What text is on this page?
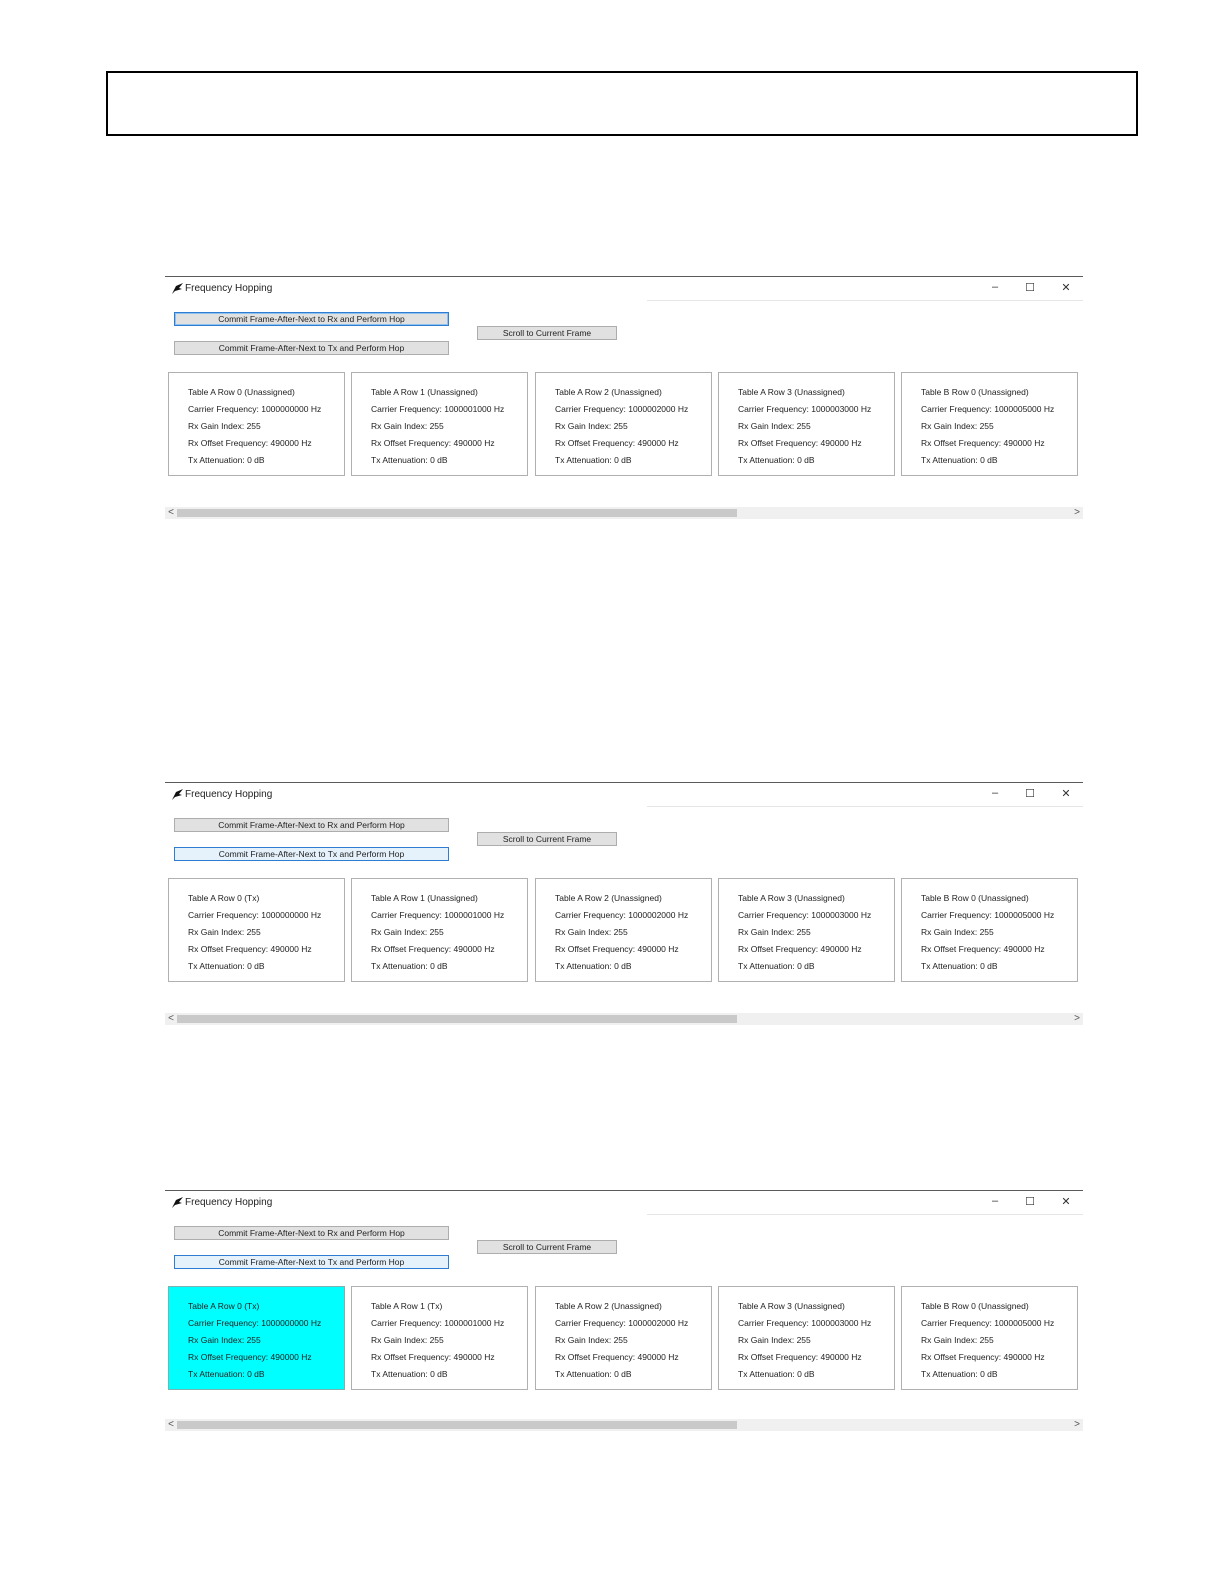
Frequency Hopping	–	☐	✕
Commit Frame-After-Next to Rx and Perform Hop
Commit Frame-After-Next to Tx and Perform Hop
Scroll to Current Frame
Table A Row 0 (Unassigned)
Carrier Frequency: 1000000000 Hz
Rx Gain Index: 255
Rx Offset Frequency: 490000 Hz
Tx Attenuation: 0 dB
Table A Row 1 (Unassigned)
Carrier Frequency: 1000001000 Hz
Rx Gain Index: 255
Rx Offset Frequency: 490000 Hz
Tx Attenuation: 0 dB
Table A Row 2 (Unassigned)
Carrier Frequency: 1000002000 Hz
Rx Gain Index: 255
Rx Offset Frequency: 490000 Hz
Tx Attenuation: 0 dB
Table A Row 3 (Unassigned)
Carrier Frequency: 1000003000 Hz
Rx Gain Index: 255
Rx Offset Frequency: 490000 Hz
Tx Attenuation: 0 dB
Table B Row 0 (Unassigned)
Carrier Frequency: 1000005000 Hz
Rx Gain Index: 255
Rx Offset Frequency: 490000 Hz
Tx Attenuation: 0 dB
<	>
Frequency Hopping	–	☐	✕
Commit Frame-After-Next to Rx and Perform Hop
Commit Frame-After-Next to Tx and Perform Hop
Scroll to Current Frame
Table A Row 0 (Tx)
Carrier Frequency: 1000000000 Hz
Rx Gain Index: 255
Rx Offset Frequency: 490000 Hz
Tx Attenuation: 0 dB
Table A Row 1 (Unassigned)
Carrier Frequency: 1000001000 Hz
Rx Gain Index: 255
Rx Offset Frequency: 490000 Hz
Tx Attenuation: 0 dB
Table A Row 2 (Unassigned)
Carrier Frequency: 1000002000 Hz
Rx Gain Index: 255
Rx Offset Frequency: 490000 Hz
Tx Attenuation: 0 dB
Table A Row 3 (Unassigned)
Carrier Frequency: 1000003000 Hz
Rx Gain Index: 255
Rx Offset Frequency: 490000 Hz
Tx Attenuation: 0 dB
Table B Row 0 (Unassigned)
Carrier Frequency: 1000005000 Hz
Rx Gain Index: 255
Rx Offset Frequency: 490000 Hz
Tx Attenuation: 0 dB
<	>
Frequency Hopping	–	☐	✕
Commit Frame-After-Next to Rx and Perform Hop
Commit Frame-After-Next to Tx and Perform Hop
Scroll to Current Frame
Table A Row 0 (Tx)
Carrier Frequency: 1000000000 Hz
Rx Gain Index: 255
Rx Offset Frequency: 490000 Hz
Tx Attenuation: 0 dB
Table A Row 1 (Tx)
Carrier Frequency: 1000001000 Hz
Rx Gain Index: 255
Rx Offset Frequency: 490000 Hz
Tx Attenuation: 0 dB
Table A Row 2 (Unassigned)
Carrier Frequency: 1000002000 Hz
Rx Gain Index: 255
Rx Offset Frequency: 490000 Hz
Tx Attenuation: 0 dB
Table A Row 3 (Unassigned)
Carrier Frequency: 1000003000 Hz
Rx Gain Index: 255
Rx Offset Frequency: 490000 Hz
Tx Attenuation: 0 dB
Table B Row 0 (Unassigned)
Carrier Frequency: 1000005000 Hz
Rx Gain Index: 255
Rx Offset Frequency: 490000 Hz
Tx Attenuation: 0 dB
<	>
